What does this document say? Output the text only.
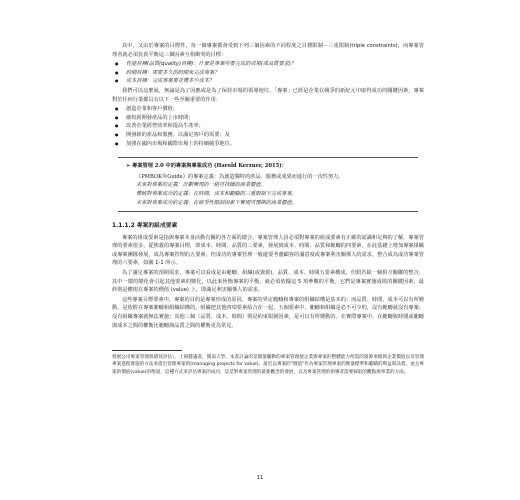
其中，又由於專案的目標性，每一個專案都會受到下列三個因素的不同程度之目標限制－三重限制(triple constraints)，而專案管理者就必須負責平衡這三個因素互相衝突的目標：

● 性能目標(品質(quality)目標)：什麼是專案所要完成的成果(或品質要求)？
● 時間目標：需要多久的時間來完成專案？
● 成本目標：完成專案要花費多少成本？

我們可以這麼說，無論是為了因應或是為了保持市場的領導地位，「專案」已經是企業在競爭的新紀元中取得成功的關鍵因素，專案對於任何行業都具有以下一些至關重要的作用：

● 創造企業和客戶價值；
● 縮短新開發產品的上市時間；
● 改善企業經營效率和提高生產率；
● 開發新的產品和服務，以滿足客戶的需要；及
● 加強在國內市場和國際市場上的持續競爭地位。
➢ 專案管理 2.0 中的專案與專案成功 (Harold Kerzner, 2015)：
《PMBOK®Guide》的專案定義：為創造獨特的產品、服務或成果而進行的一次性努力。
未來對專案的定義：計劃實現的一組可持續的商業價值。
傳統對專案成功的定義：在時間、成本和範疇的三重限制下完成專案。
未來對專案成功的定義：在競爭性限制因素下實現可預期的商業價值。
1.1.1.2 專案的組成要素

專案的組成要素是指與專案本身活動有關的各方面的總合，專案管理人員必須對專案的組成要素有正確的認識和足夠的了解，專案管理的要素很多，從狹義的專案目標，即成本、時間、品質的三要素，發展到成本、時間、品質和範疇的四要素，在此基礎上增加專案組織或專案團隊發展，成為專案管理的五要素，但成功的專案管理一般還要考慮顧客的滿意度或專案利害關係人的需求，整合成為成功專案管理的六要素，如圖 1-1 所示。

為了滿足專案的預期需求，專案可以看成是由範疇、組織(或資源)、品質、成本、時間五要素構成，但假若缺一個相互關聯的整合，其中一環的變化會引起其他要素的變化，以此來恆衡專案的平衡，就必須依據這 5 項參數的平衡，它們是專案實施成敗的關鍵因素，最終則是體現在專案的價值 (value) 上，即滿足利害關係人的需求。

這些專案目標要素中，專案的目的是專案形成的原因，專案的界定範疇和專案的組織結構是基本的；而品質、時間、成本可以有所變動，是依附在專案範疇和組織結構的。組織把其他四項要素結合在一起，五個要素中，範疇和組織是必不可少的，沒有範疇就沒有專案；沒有組織專案就無法實施；其他三個（品質、成本、時間）則是約束限制因素，是可以有所變動的。在實際專案中，在範疇與時間或範疇與成本之間的權衡比範疇與品質之間的權衡更為常見。

發展公司專案管理與績效評估），上揚健議書，開南大學，本書討論的是價值驅動的專案管理使企業與專案的整體能力所需的資源承擔與企業價值以及管理專案過程實施的方法來提出管理專案的(managing projects for value)。最近以專案的"價值"作為專案管理專案的衡量標準和範疇的利益與品質，並且專案的價值(value)的衡量，這種方式來評估專案的成功，這是對專案管理的最新觀念的發展，以及專案管理的領導者需要採取的觀點與事業的方法。
11
